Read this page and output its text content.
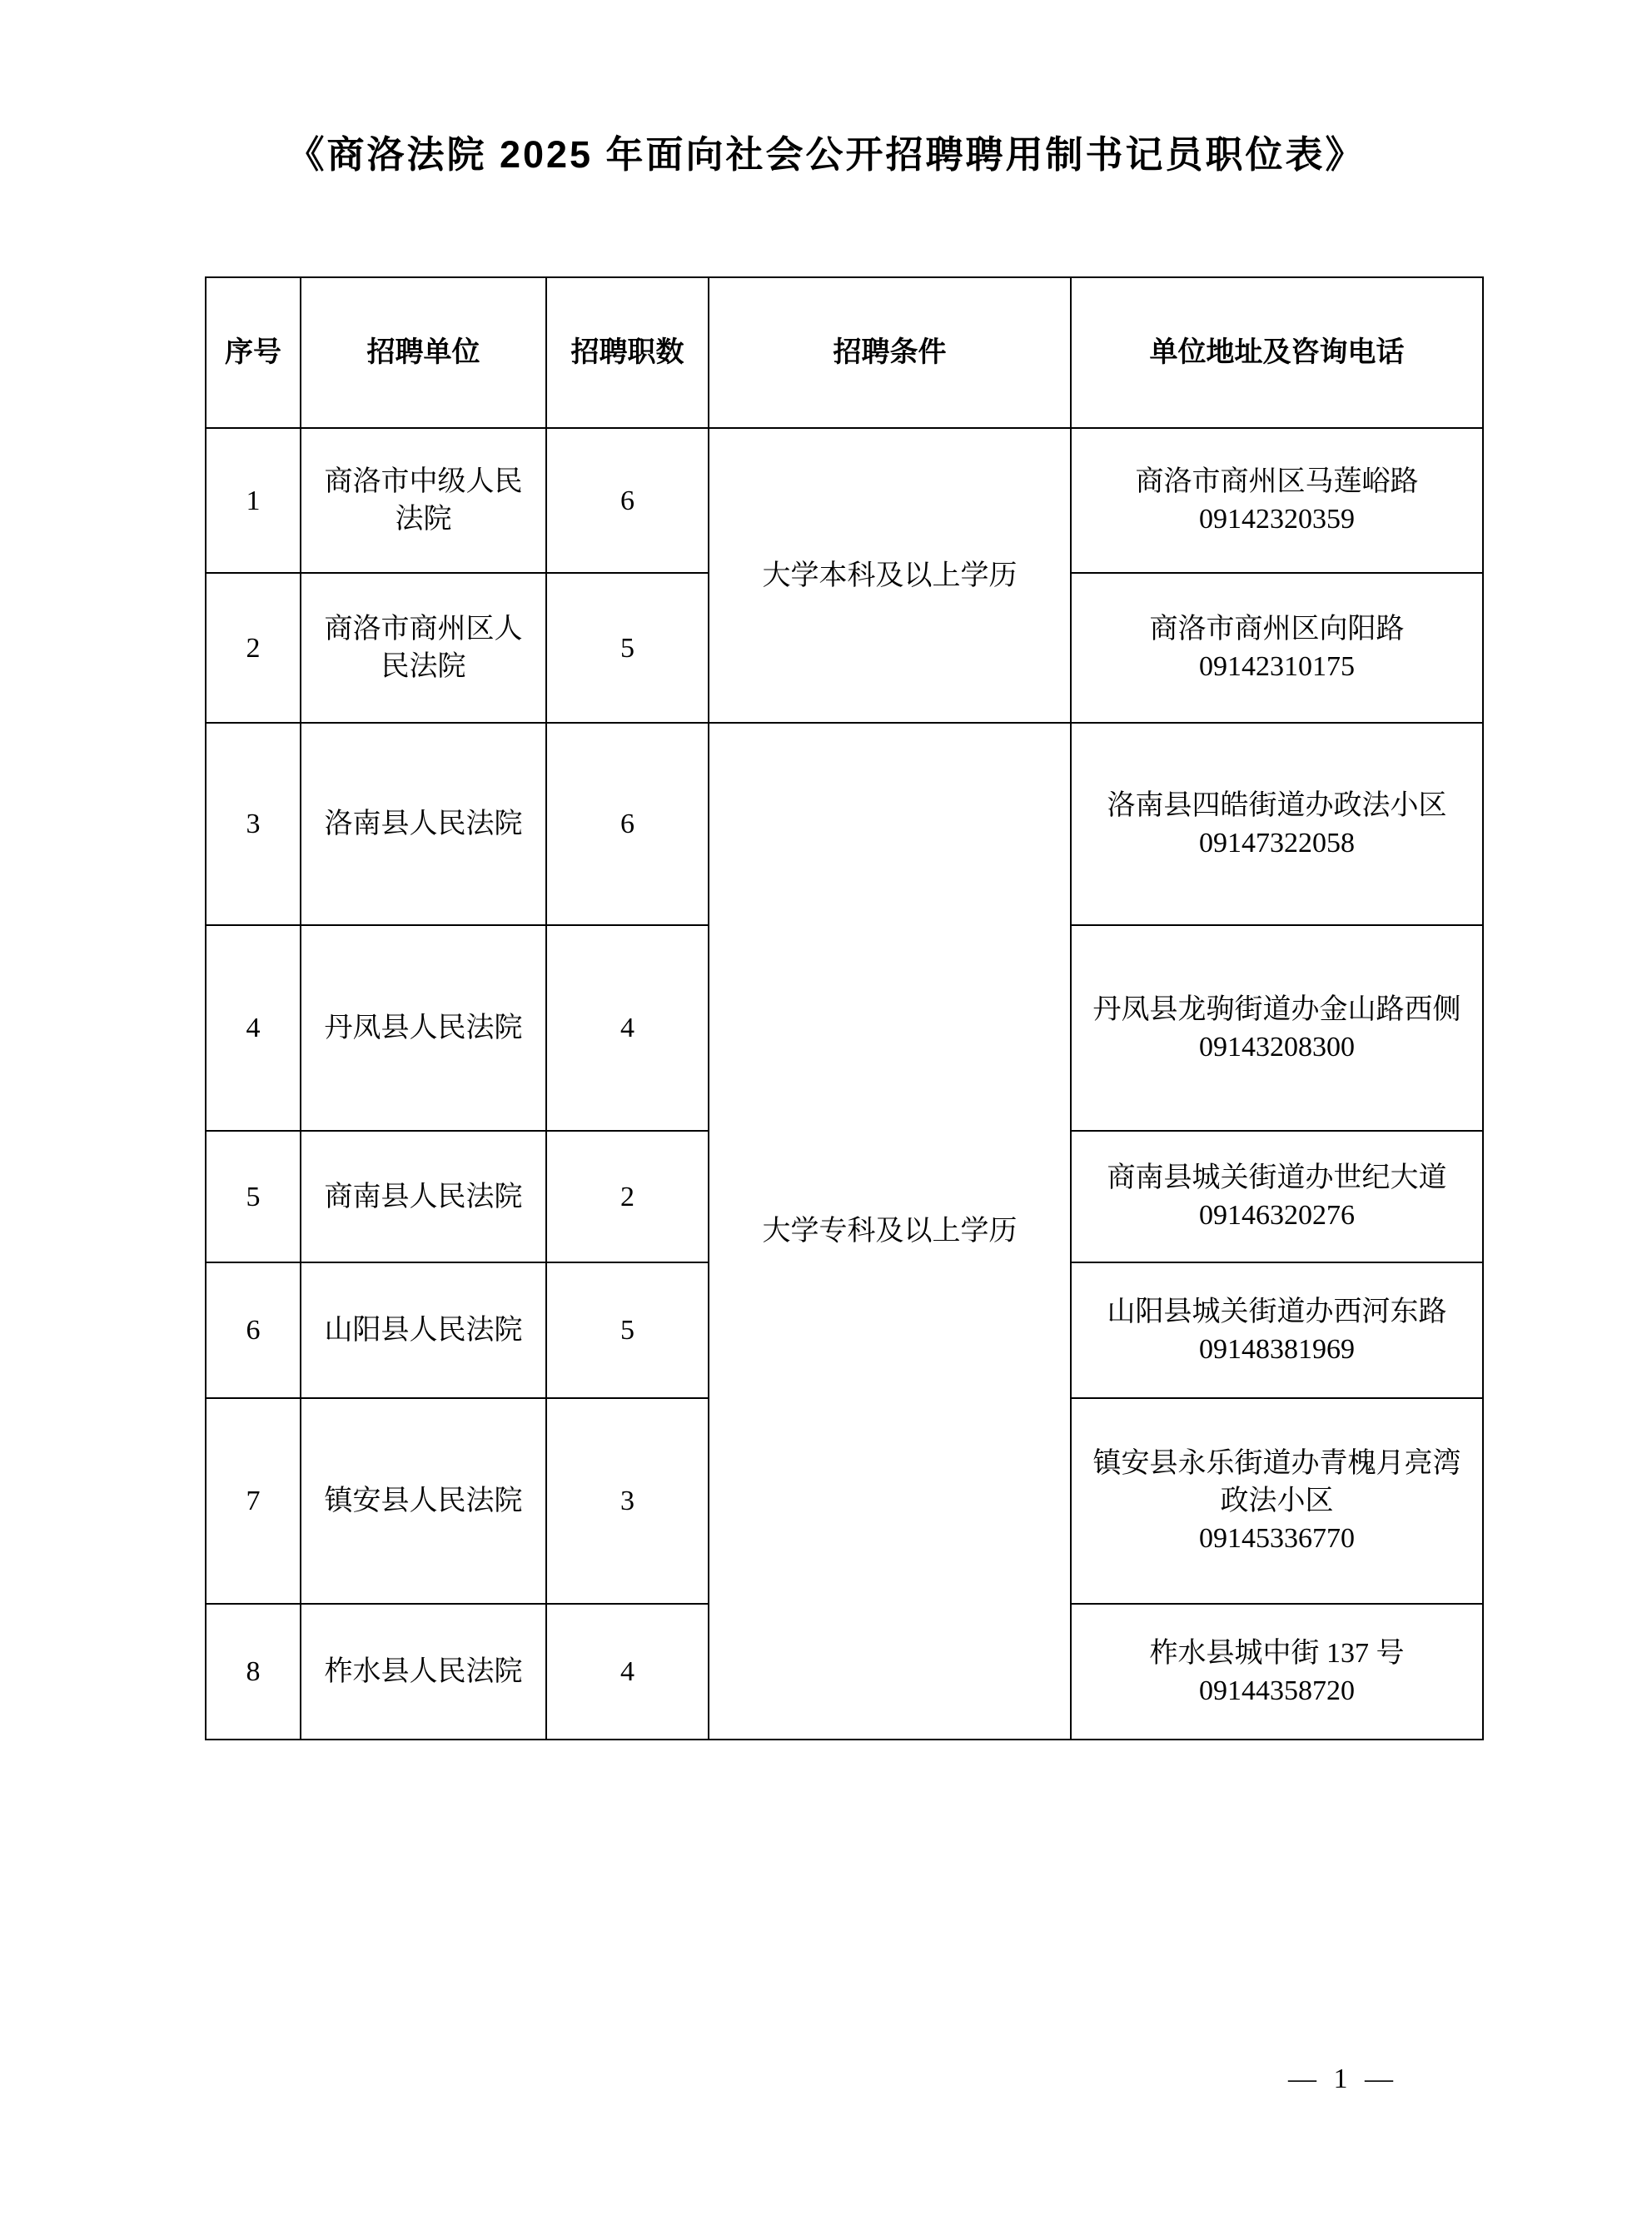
《商洛法院 2025 年面向社会公开招聘聘用制书记员职位表》
序号	招聘单位	招聘职数	招聘条件	单位地址及咨询电话
1	商洛市中级人民法院	6	大学本科及以上学历	商洛市商州区马莲峪路
09142320359

2	商洛市商州区人民法院	5		商洛市商州区向阳路
09142310175

3	洛南县人民法院	6	大学专科及以上学历	洛南县四皓街道办政法小区
09147322058

4	丹凤县人民法院	4		丹凤县龙驹街道办金山路西侧
09143208300

5	商南县人民法院	2		商南县城关街道办世纪大道
09146320276

6	山阳县人民法院	5		山阳县城关街道办西河东路
09148381969

7	镇安县人民法院	3		镇安县永乐街道办青槐月亮湾
政法小区
09145336770

8	柞水县人民法院	4		柞水县城中街 137 号
09144358720
— 1 —
